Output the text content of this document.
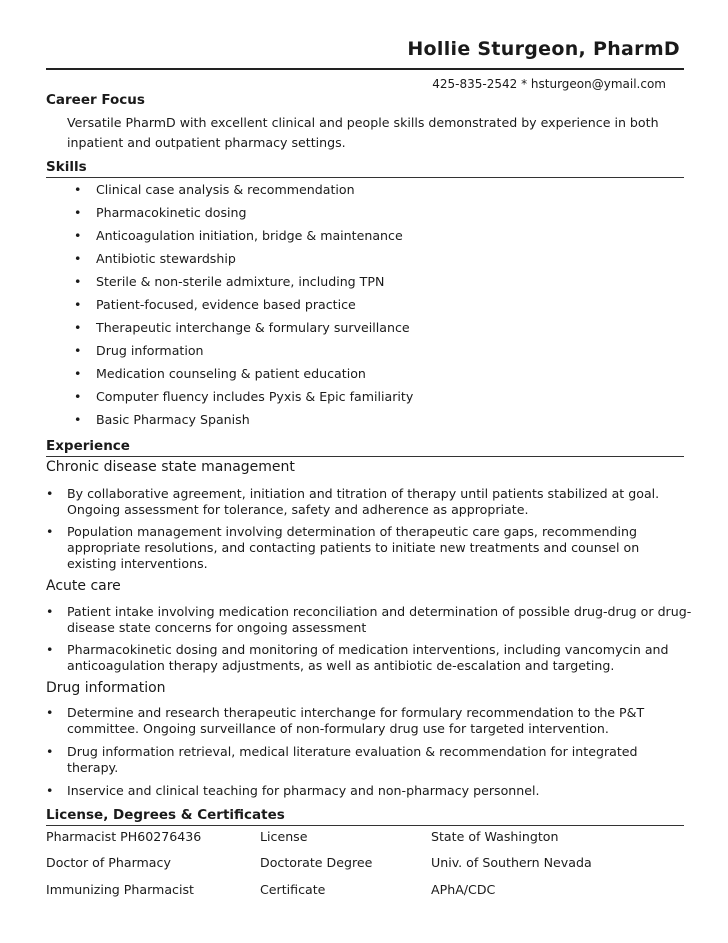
Hollie Sturgeon, PharmD
425-835-2542 * hsturgeon@ymail.com
Career Focus
Versatile PharmD with excellent clinical and people skills demonstrated by experience in both inpatient and outpatient pharmacy settings.
Skills
• Clinical case analysis & recommendation
• Pharmacokinetic dosing
• Anticoagulation initiation, bridge & maintenance
• Antibiotic stewardship
• Sterile & non-sterile admixture, including TPN
• Patient-focused, evidence based practice
• Therapeutic interchange & formulary surveillance
• Drug information
• Medication counseling & patient education
• Computer fluency includes Pyxis & Epic familiarity
• Basic Pharmacy Spanish
Experience
Chronic disease state management
• By collaborative agreement, initiation and titration of therapy until patients stabilized at goal. Ongoing assessment for tolerance, safety and adherence as appropriate.
• Population management involving determination of therapeutic care gaps, recommending appropriate resolutions, and contacting patients to initiate new treatments and counsel on existing interventions.
Acute care
• Patient intake involving medication reconciliation and determination of possible drug-drug or drug-disease state concerns for ongoing assessment
• Pharmacokinetic dosing and monitoring of medication interventions, including vancomycin and anticoagulation therapy adjustments, as well as antibiotic de-escalation and targeting.
Drug information
• Determine and research therapeutic interchange for formulary recommendation to the P&T committee. Ongoing surveillance of non-formulary drug use for targeted intervention.
• Drug information retrieval, medical literature evaluation & recommendation for integrated therapy.
• Inservice and clinical teaching for pharmacy and non-pharmacy personnel.
License, Degrees & Certificates
Pharmacist PH60276436	License	State of Washington
Doctor of Pharmacy	Doctorate Degree	Univ. of Southern Nevada
Immunizing Pharmacist	Certificate	APhA/CDC
